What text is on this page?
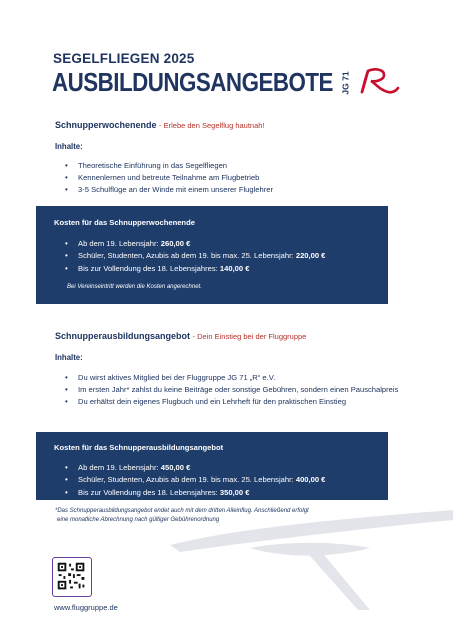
SEGELFLIEGEN 2025
AUSBILDUNGSANGEBOTE JG 71
Schnupperwochenende - Erlebe den Segelflug hautnah!
Inhalte:
• Theoretische Einführung in das Segelfliegen
• Kennenlernen und betreute Teilnahme am Flugbetrieb
• 3-5 Schulflüge an der Winde mit einem unserer Fluglehrer
Kosten für das Schnupperwochenende
• Ab dem 19. Lebensjahr: 260,00 €
• Schüler, Studenten, Azubis ab dem 19. bis max. 25. Lebensjahr: 220,00 €
• Bis zur Vollendung des 18. Lebensjahres: 140,00 €
Bei Vereinseintritt werden die Kosten angerechnet.
Schnupperausbildungsangebot - Dein Einstieg bei der Fluggruppe
Inhalte:
• Du wirst aktives Mitglied bei der Fluggruppe JG 71 „R“ e.V.
• Im ersten Jahr* zahlst du keine Beiträge oder sonstige Gebühren, sondern einen Pauschalpreis
• Du erhältst dein eigenes Flugbuch und ein Lehrheft für den praktischen Einstieg
Kosten für das Schnupperausbildungsangebot
• Ab dem 19. Lebensjahr: 450,00 €
• Schüler, Studenten, Azubis ab dem 19. bis max. 25. Lebensjahr: 400,00 €
• Bis zur Vollendung des 18. Lebensjahres: 350,00 €
*Das Schnupperausbildungsangebot endet auch mit dem dritten Alleinflug. Anschließend erfolgt
eine monatliche Abrechnung nach gültiger Gebührenordnung
www.fluggruppe.de
